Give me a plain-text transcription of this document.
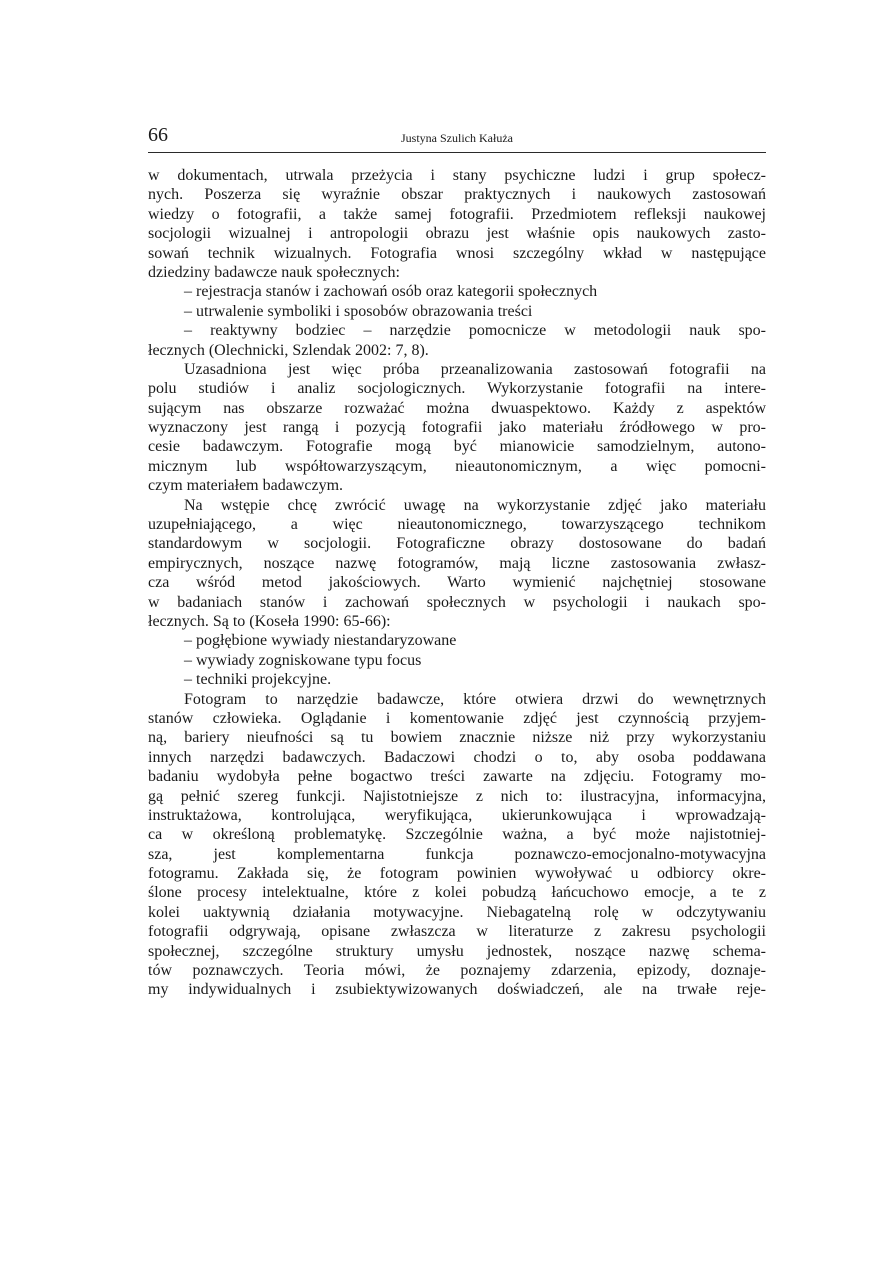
66	Justyna Szulich Kałuża
w dokumentach, utrwala przeżycia i stany psychiczne ludzi i grup społecz-
nych. Poszerza się wyraźnie obszar praktycznych i naukowych zastosowań
wiedzy o fotografii, a także samej fotografii. Przedmiotem refleksji naukowej
socjologii wizualnej i antropologii obrazu jest właśnie opis naukowych zasto-
sowań technik wizualnych. Fotografia wnosi szczególny wkład w następujące
dziedziny badawcze nauk społecznych:
– rejestracja stanów i zachowań osób oraz kategorii społecznych
– utrwalenie symboliki i sposobów obrazowania treści
– reaktywny bodziec – narzędzie pomocnicze w metodologii nauk spo-
łecznych (Olechnicki, Szlendak 2002: 7, 8).
Uzasadniona jest więc próba przeanalizowania zastosowań fotografii na
polu studiów i analiz socjologicznych. Wykorzystanie fotografii na intere-
sującym nas obszarze rozważać można dwuaspektowo. Każdy z aspektów
wyznaczony jest rangą i pozycją fotografii jako materiału źródłowego w pro-
cesie badawczym. Fotografie mogą być mianowicie samodzielnym, autono-
micznym lub współtowarzyszącym, nieautonomicznym, a więc pomocni-
czym materiałem badawczym.
Na wstępie chcę zwrócić uwagę na wykorzystanie zdjęć jako materiału
uzupełniającego, a więc nieautonomicznego, towarzyszącego technikom
standardowym w socjologii. Fotograficzne obrazy dostosowane do badań
empirycznych, noszące nazwę fotogramów, mają liczne zastosowania zwłasz-
cza wśród metod jakościowych. Warto wymienić najchętniej stosowane
w badaniach stanów i zachowań społecznych w psychologii i naukach spo-
łecznych. Są to (Koseła 1990: 65-66):
– pogłębione wywiady niestandaryzowane
– wywiady zogniskowane typu focus
– techniki projekcyjne.
Fotogram to narzędzie badawcze, które otwiera drzwi do wewnętrznych
stanów człowieka. Oglądanie i komentowanie zdjęć jest czynnością przyjem-
ną, bariery nieufności są tu bowiem znacznie niższe niż przy wykorzystaniu
innych narzędzi badawczych. Badaczowi chodzi o to, aby osoba poddawana
badaniu wydobyła pełne bogactwo treści zawarte na zdjęciu. Fotogramy mo-
gą pełnić szereg funkcji. Najistotniejsze z nich to: ilustracyjna, informacyjna,
instruktażowa, kontrolująca, weryfikująca, ukierunkowująca i wprowadzają-
ca w określoną problematykę. Szczególnie ważna, a być może najistotniej-
sza, jest komplementarna funkcja poznawczo-emocjonalno-motywacyjna
fotogramu. Zakłada się, że fotogram powinien wywoływać u odbiorcy okre-
ślone procesy intelektualne, które z kolei pobudzą łańcuchowo emocje, a te z
kolei uaktywnią działania motywacyjne. Niebagatelną rolę w odczytywaniu
fotografii odgrywają, opisane zwłaszcza w literaturze z zakresu psychologii
społecznej, szczególne struktury umysłu jednostek, noszące nazwę schema-
tów poznawczych. Teoria mówi, że poznajemy zdarzenia, epizody, doznaje-
my indywidualnych i zsubiektywizowanych doświadczeń, ale na trwałe reje-
